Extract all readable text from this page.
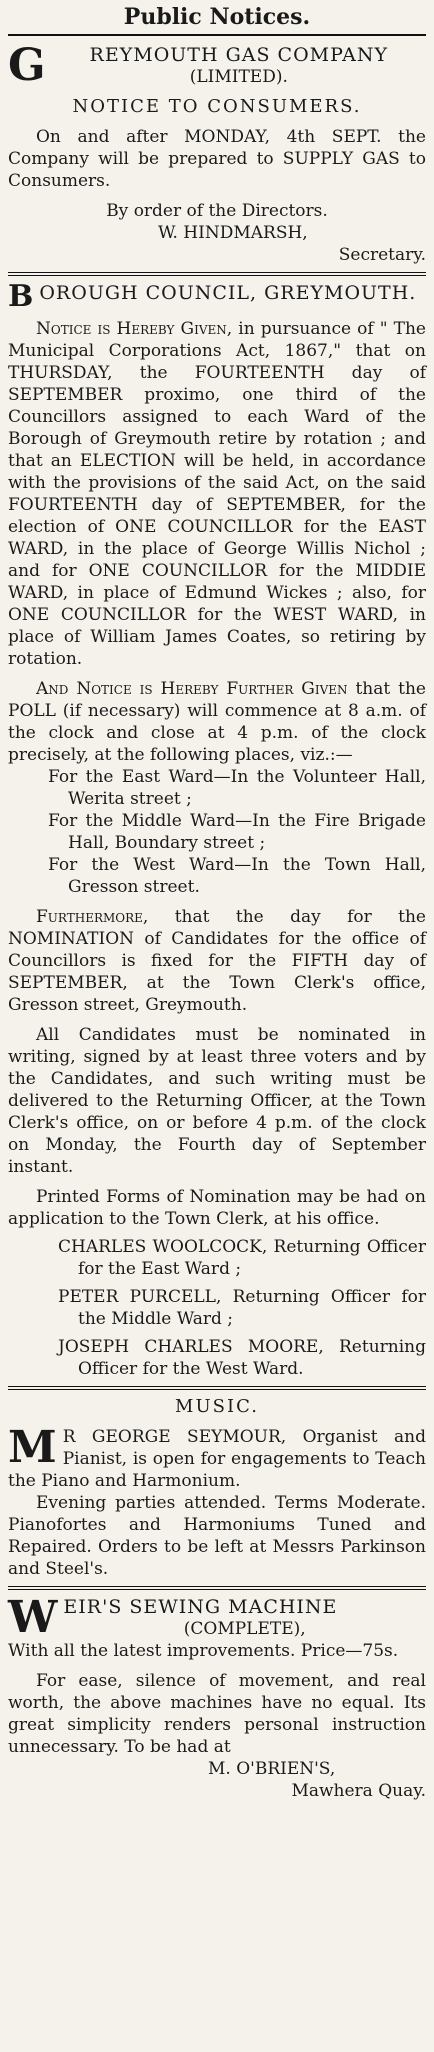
Public Notices.
G	REYMOUTH GAS COMPANY
(LIMITED).
NOTICE TO CONSUMERS.

On and after MONDAY, 4th SEPT. the Company will be prepared to SUPPLY GAS to Consumers.

By order of the Directors.
W. HINDMARSH,
Secretary.
B OROUGH COUNCIL, GREYMOUTH.

Notice is Hereby Given, in pursuance of " The Municipal Corporations Act, 1867," that on THURSDAY, the FOURTEENTH day of SEPTEMBER proximo, one third of the Councillors assigned to each Ward of the Borough of Greymouth retire by rotation ; and that an ELECTION will be held, in accordance with the provisions of the said Act, on the said FOURTEENTH day of SEPTEMBER, for the election of ONE COUNCILLOR for the EAST WARD, in the place of George Willis Nichol ; and for ONE COUNCILLOR for the MIDDIE WARD, in place of Edmund Wickes ; also, for ONE COUNCILLOR for the WEST WARD, in place of William James Coates, so retiring by rotation.

And Notice is Hereby Further Given that the POLL (if necessary) will commence at 8 a.m. of the clock and close at 4 p.m. of the clock precisely, at the following places, viz.:—

For the East Ward—In the Volunteer Hall, Werita street ;

For the Middle Ward—In the Fire Brigade Hall, Boundary street ;

For the West Ward—In the Town Hall, Gresson street.

Furthermore, that the day for the NOMINATION of Candidates for the office of Councillors is fixed for the FIFTH day of SEPTEMBER, at the Town Clerk's office, Gresson street, Greymouth.

All Candidates must be nominated in writing, signed by at least three voters and by the Candidates, and such writing must be delivered to the Returning Officer, at the Town Clerk's office, on or before 4 p.m. of the clock on Monday, the Fourth day of September instant.

Printed Forms of Nomination may be had on application to the Town Clerk, at his office.

CHARLES WOOLCOCK, Returning Officer for the East Ward ;

PETER PURCELL, Returning Officer for the Middle Ward ;

JOSEPH CHARLES MOORE, Returning Officer for the West Ward.

MUSIC.
M R GEORGE SEYMOUR, Organist and Pianist, is open for engagements to Teach the Piano and Harmonium.

Evening parties attended. Terms Moderate. Pianofortes and Harmoniums Tuned and Repaired. Orders to be left at Messrs Parkinson and Steel's.

W EIR'S SEWING MACHINE
(COMPLETE),

With all the latest improvements. Price—75s.

For ease, silence of movement, and real worth, the above machines have no equal. Its great simplicity renders personal instruction unnecessary. To be had at

M. O'BRIEN'S,
Mawhera Quay.
